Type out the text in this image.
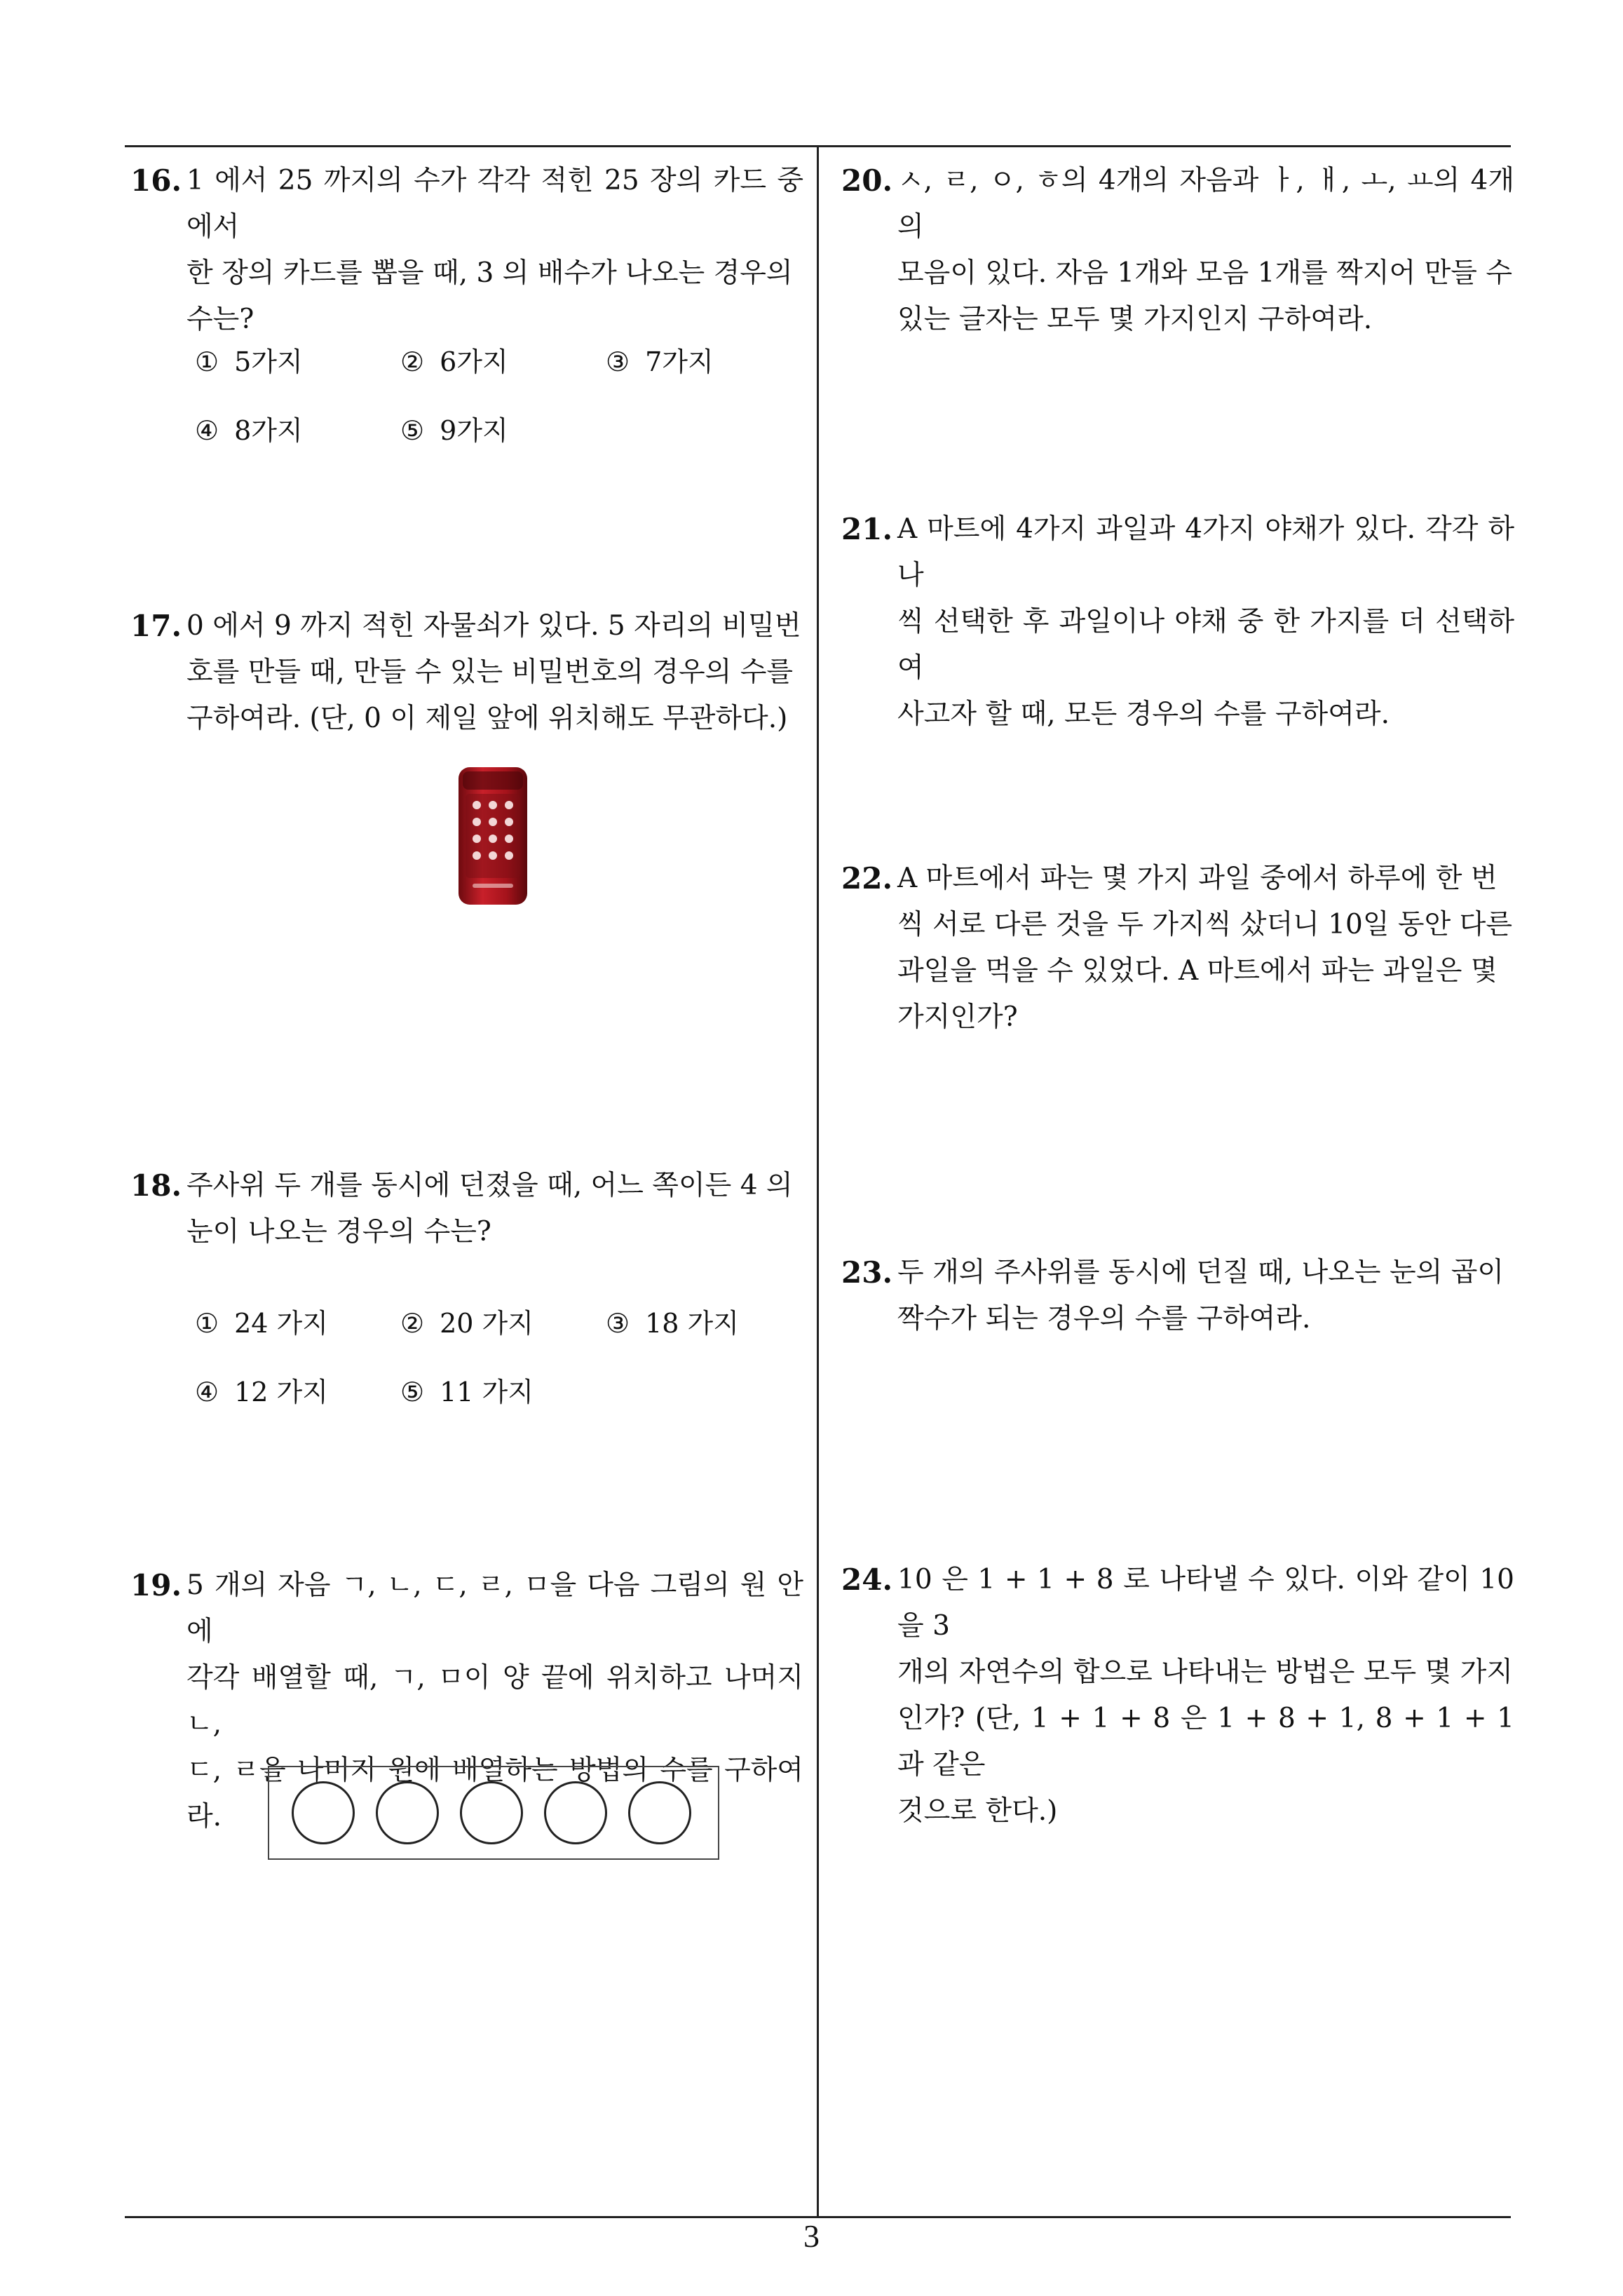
16. 1 에서 25 까지의 수가 각각 적힌 25 장의 카드 중에서

한 장의 카드를 뽑을 때, 3 의 배수가 나오는 경우의

수는?

① 5가지	② 6가지	③ 7가지
④ 8가지	⑤ 9가지
17. 0 에서 9 까지 적힌 자물쇠가 있다. 5 자리의 비밀번

호를 만들 때, 만들 수 있는 비밀번호의 경우의 수를

구하여라. (단, 0 이 제일 앞에 위치해도 무관하다.)

18. 주사위 두 개를 동시에 던졌을 때, 어느 쪽이든 4 의

눈이 나오는 경우의 수는?

① 24 가지	② 20 가지	③ 18 가지
④ 12 가지	⑤ 11 가지
19. 5 개의 자음 ㄱ, ㄴ, ㄷ, ㄹ, ㅁ을 다음 그림의 원 안에

각각 배열할 때, ㄱ, ㅁ이 양 끝에 위치하고 나머지 ㄴ,

ㄷ, ㄹ을 나머지 원에 배열하는 방법의 수를 구하여라.

20. ㅅ, ㄹ, ㅇ, ㅎ의 4개의 자음과 ㅏ, ㅐ, ㅗ, ㅛ의 4개의

모음이 있다. 자음 1개와 모음 1개를 짝지어 만들 수

있는 글자는 모두 몇 가지인지 구하여라.

21. A 마트에 4가지 과일과 4가지 야채가 있다. 각각 하나

씩 선택한 후 과일이나 야채 중 한 가지를 더 선택하여

사고자 할 때, 모든 경우의 수를 구하여라.

22. A 마트에서 파는 몇 가지 과일 중에서 하루에 한 번

씩 서로 다른 것을 두 가지씩 샀더니 10일 동안 다른

과일을 먹을 수 있었다. A 마트에서 파는 과일은 몇

가지인가?

23. 두 개의 주사위를 동시에 던질 때, 나오는 눈의 곱이

짝수가 되는 경우의 수를 구하여라.

24. 10 은 1 + 1 + 8 로 나타낼 수 있다. 이와 같이 10 을 3

개의 자연수의 합으로 나타내는 방법은 모두 몇 가지

인가? (단, 1 + 1 + 8 은 1 + 8 + 1, 8 + 1 + 1 과 같은

것으로 한다.)

3
